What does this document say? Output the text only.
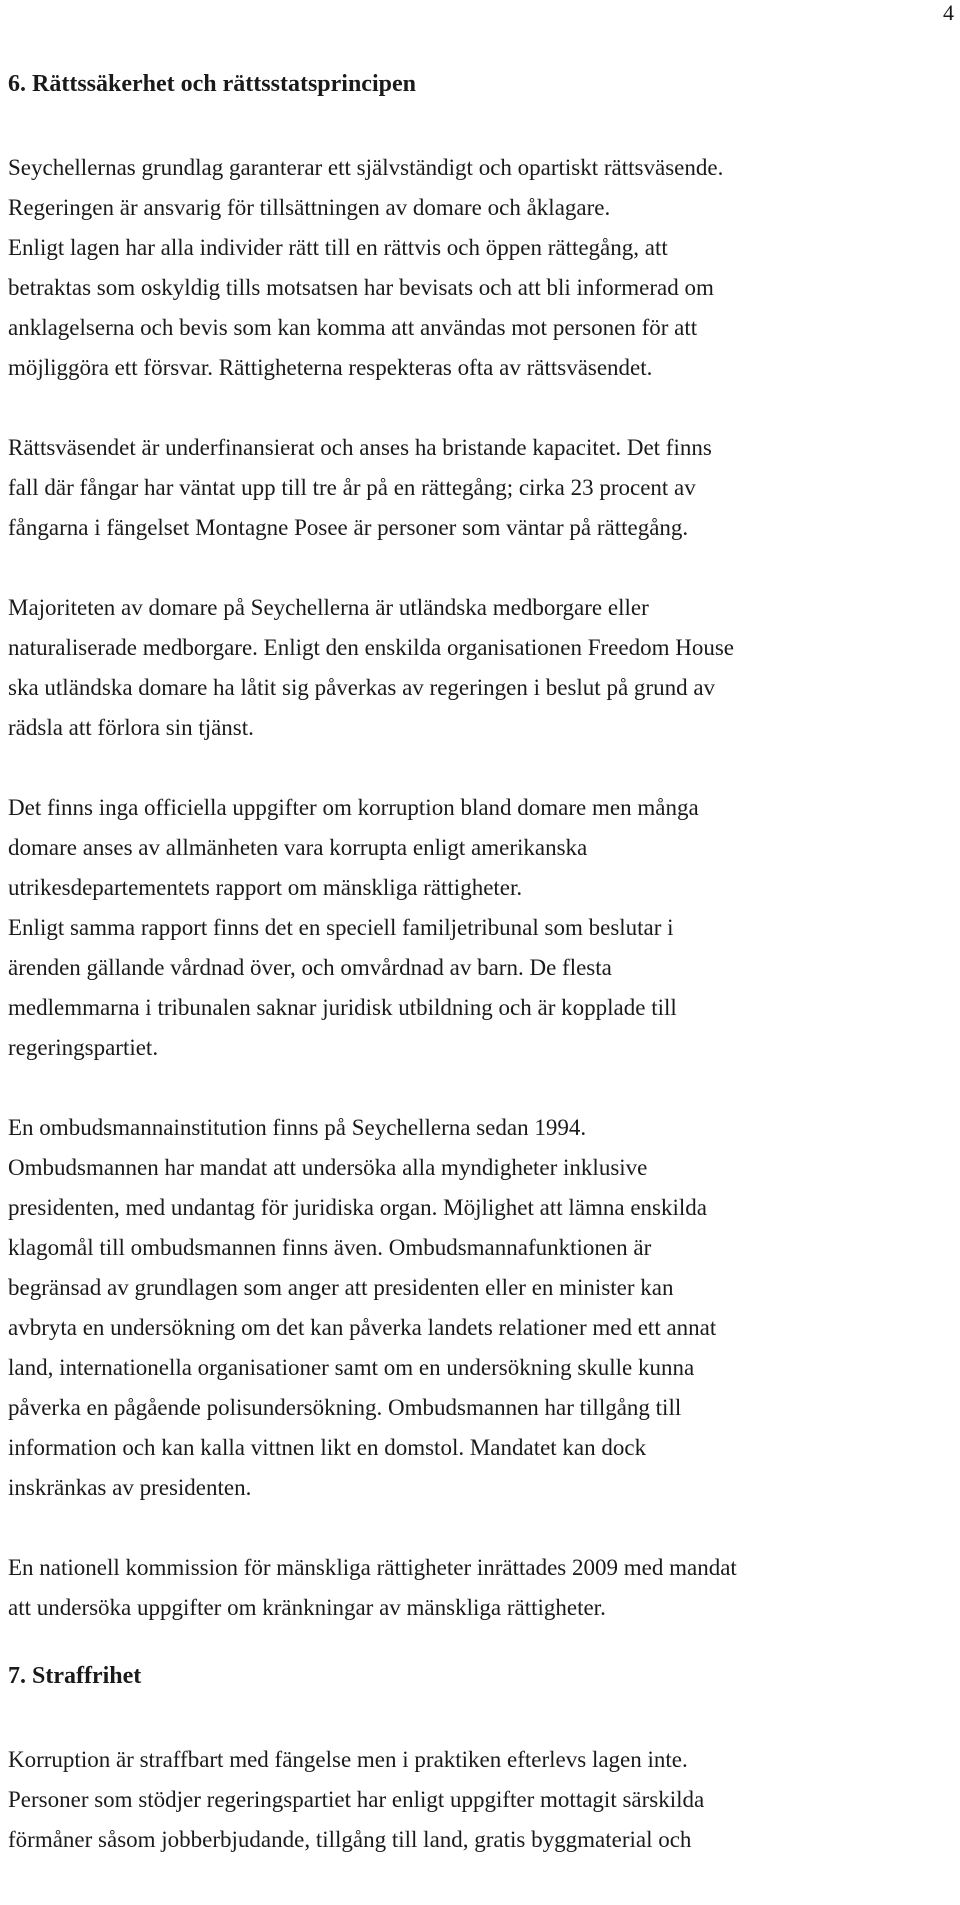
4
6. Rättssäkerhet och rättsstatsprincipen
Seychellernas grundlag garanterar ett självständigt och opartiskt rättsväsende.
Regeringen är ansvarig för tillsättningen av domare och åklagare.
Enligt lagen har alla individer rätt till en rättvis och öppen rättegång, att
betraktas som oskyldig tills motsatsen har bevisats och att bli informerad om
anklagelserna och bevis som kan komma att användas mot personen för att
möjliggöra ett försvar. Rättigheterna respekteras ofta av rättsväsendet.
Rättsväsendet är underfinansierat och anses ha bristande kapacitet. Det finns
fall där fångar har väntat upp till tre år på en rättegång; cirka 23 procent av
fångarna i fängelset Montagne Posee är personer som väntar på rättegång.
Majoriteten av domare på Seychellerna är utländska medborgare eller
naturaliserade medborgare. Enligt den enskilda organisationen Freedom House
ska utländska domare ha låtit sig påverkas av regeringen i beslut på grund av
rädsla att förlora sin tjänst.
Det finns inga officiella uppgifter om korruption bland domare men många
domare anses av allmänheten vara korrupta enligt amerikanska
utrikesdepartementets rapport om mänskliga rättigheter.
Enligt samma rapport finns det en speciell familjetribunal som beslutar i
ärenden gällande vårdnad över, och omvårdnad av barn. De flesta
medlemmarna i tribunalen saknar juridisk utbildning och är kopplade till
regeringspartiet.
En ombudsmannainstitution finns på Seychellerna sedan 1994.
Ombudsmannen har mandat att undersöka alla myndigheter inklusive
presidenten, med undantag för juridiska organ. Möjlighet att lämna enskilda
klagomål till ombudsmannen finns även. Ombudsmannafunktionen är
begränsad av grundlagen som anger att presidenten eller en minister kan
avbryta en undersökning om det kan påverka landets relationer med ett annat
land, internationella organisationer samt om en undersökning skulle kunna
påverka en pågående polisundersökning. Ombudsmannen har tillgång till
information och kan kalla vittnen likt en domstol. Mandatet kan dock
inskränkas av presidenten.
En nationell kommission för mänskliga rättigheter inrättades 2009 med mandat
att undersöka uppgifter om kränkningar av mänskliga rättigheter.
7. Straffrihet
Korruption är straffbart med fängelse men i praktiken efterlevs lagen inte.
Personer som stödjer regeringspartiet har enligt uppgifter mottagit särskilda
förmåner såsom jobberbjudande, tillgång till land, gratis byggmaterial och
